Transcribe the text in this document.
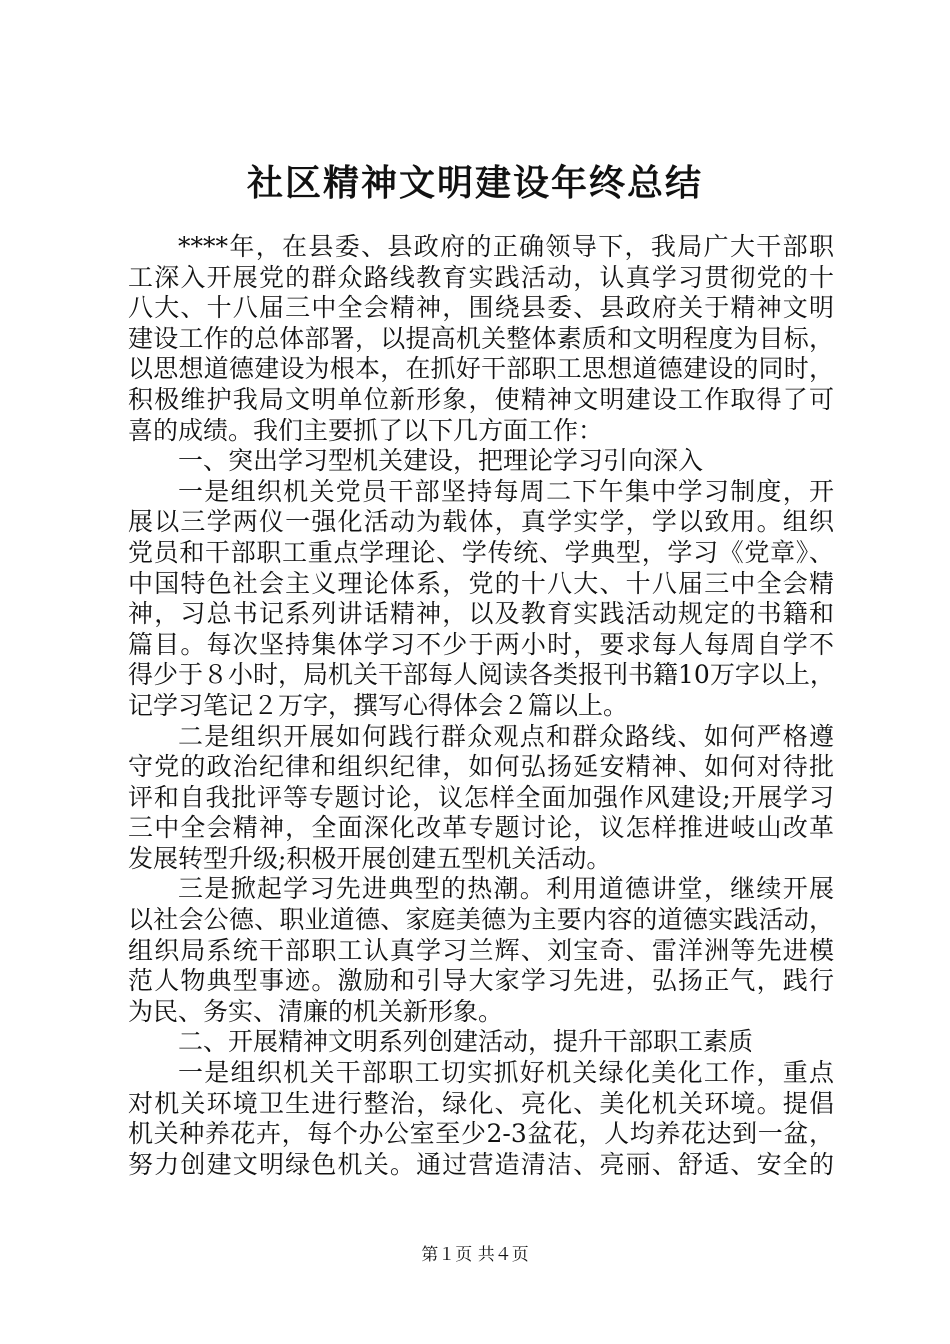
社区精神文明建设年终总结
****年，在县委、县政府的正确领导下，我局广大干部职
工深入开展党的群众路线教育实践活动，认真学习贯彻党的十
八大、十八届三中全会精神，围绕县委、县政府关于精神文明
建设工作的总体部署，以提高机关整体素质和文明程度为目标，
以思想道德建设为根本，在抓好干部职工思想道德建设的同时，
积极维护我局文明单位新形象，使精神文明建设工作取得了可
喜的成绩。我们主要抓了以下几方面工作：
一、突出学习型机关建设，把理论学习引向深入
一是组织机关党员干部坚持每周二下午集中学习制度，开
展以三学两仪一强化活动为载体，真学实学，学以致用。组织
党员和干部职工重点学理论、学传统、学典型，学习《党章》、
中国特色社会主义理论体系，党的十八大、十八届三中全会精
神，习总书记系列讲话精神，以及教育实践活动规定的书籍和
篇目。每次坚持集体学习不少于两小时，要求每人每周自学不
得少于８小时，局机关干部每人阅读各类报刊书籍10万字以上，
记学习笔记２万字，撰写心得体会２篇以上。
二是组织开展如何践行群众观点和群众路线、如何严格遵
守党的政治纪律和组织纪律，如何弘扬延安精神、如何对待批
评和自我批评等专题讨论，议怎样全面加强作风建设;开展学习
三中全会精神，全面深化改革专题讨论，议怎样推进岐山改革
发展转型升级;积极开展创建五型机关活动。
三是掀起学习先进典型的热潮。利用道德讲堂，继续开展
以社会公德、职业道德、家庭美德为主要内容的道德实践活动，
组织局系统干部职工认真学习兰辉、刘宝奇、雷洋洲等先进模
范人物典型事迹。激励和引导大家学习先进，弘扬正气，践行
为民、务实、清廉的机关新形象。
二、开展精神文明系列创建活动，提升干部职工素质
一是组织机关干部职工切实抓好机关绿化美化工作，重点
对机关环境卫生进行整治，绿化、亮化、美化机关环境。提倡
机关种养花卉，每个办公室至少2-3盆花，人均养花达到一盆，
努力创建文明绿色机关。通过营造清洁、亮丽、舒适、安全的
第１页 共４页
